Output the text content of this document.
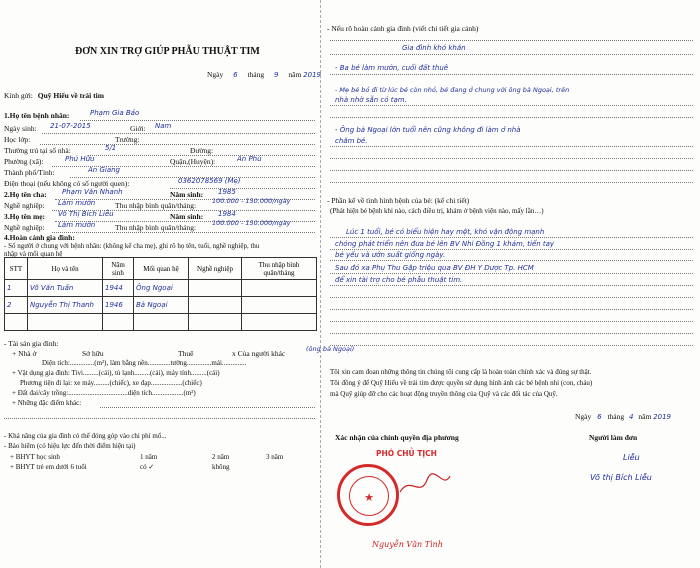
ĐƠN XIN TRỢ GIÚP PHẪU THUẬT TIM
Ngày 6 tháng 9 năm 2019
Kính gửi: Quỹ Hiểu về trái tim
1.Họ tên bệnh nhân:	Phạm Gia Bảo
Ngày sinh: 21-07-2015	Giới: Nam
Học lớp:	Trường:
Thường trú tại số nhà:	5/1	Đường:
Phường (xã):	Phú Hữu	Quận,(Huyện):	An Phú
Thành phố/Tỉnh:	An Giang
Điện thoại (nếu không có số người quen):	0362078569 (Mẹ)
2.Họ tên cha: Phạm Văn Nhanh	Năm sinh: 1985
Nghề nghiệp: Làm mướn	Thu nhập bình quân/tháng: 100.000 - 150.000/ngày
3.Họ tên mẹ: Võ Thị Bích Liễu	Năm sinh: 1984
Nghề nghiệp: Làm mướn	Thu nhập bình quân/tháng: 100.000 - 150.000/ngày
4.Hoàn cảnh gia đình:
- Số người ở chung với bệnh nhân: (không kể cha mẹ), ghi rõ họ tên, tuổi, nghề nghiệp, thu
nhập và mối quan hệ
STT	Họ và tên	Năm sinh	Mối quan hệ	Nghề nghiệp	Thu nhập bình quân/tháng
1	Võ Văn Tuấn	1944	Ông Ngoại		
2	Nguyễn Thị Thanh	1946	Bà Ngoại		

- Tài sản gia đình:
+ Nhà ở	Sở hữu	Thuê	x Của người khác	(ông bà Ngoại)
Diện tích:..............(m²), làm bằng nền.............tường..............mái..............
+ Vật dụng gia đình: Tivi.........(cái), tủ lạnh.........(cái), máy tính.........(cái)
Phương tiện đi lại: xe máy.........(chiếc), xe đạp..................(chiếc)
+ Đất đai/cây trồng:..................................diện tích..................(m²)
+ Những đặc điểm khác:
- Khả năng của gia đình có thể đóng góp vào chi phí mổ...
- Bảo hiểm (có hiệu lực đến thời điểm hiện tại)
+ BHYT học sinh	1 năm	2 năm	3 năm
+ BHYT trẻ em dưới 6 tuổi	có ✓	không
- Nếu rõ hoàn cảnh gia đình (viết chi tiết gia cảnh)
Gia đình khó khăn
- Ba bé làm mướn, cuối đất thuê
- Mẹ bé bỏ đi từ lúc bé còn nhỏ, bé đang ở chung với ông bà Ngoại, trên
nhà nhờ sẵn có tạm.
- Ông bà Ngoại lớn tuổi nên cũng không đi làm ở nhà
chăm bé.
- Phần kể về tình hình bệnh của bé: (kể chi tiết)
(Phát hiện bé bệnh khi nào, cách điều trị, khám ở bệnh viện nào, mấy lần…)
Lúc 1 tuổi, bé có biểu hiện hay mệt, khó vận động mạnh
chóng phát triển nên đưa bé lên BV Nhi Đồng 1 khám, tiến tay
bé yếu và ướn suất giống ngày.
Sau đó xa Phụ Thu Gặp triệu qua BV ĐH Y Dược Tp. HCM
để xin tài trợ cho bé phẫu thuật tim.
Tôi xin cam đoan những thông tin chúng tôi cung cấp là hoàn toàn chính xác và đúng sự thật.
Tôi đồng ý để Quỹ Hiểu về trái tim được quyền sử dụng hình ảnh các bé bệnh nhi (con, cháu)
mà Quỹ giúp đỡ cho các hoạt động truyền thông của Quỹ và các đối tác của Quỹ.
Ngày 6 tháng 4 năm 2019
Xác nhận của chính quyền địa phương	Người làm đơn
★
PHÓ CHỦ TỊCH
Nguyễn Văn Tình
Liễu
Võ thị Bích Liễu
